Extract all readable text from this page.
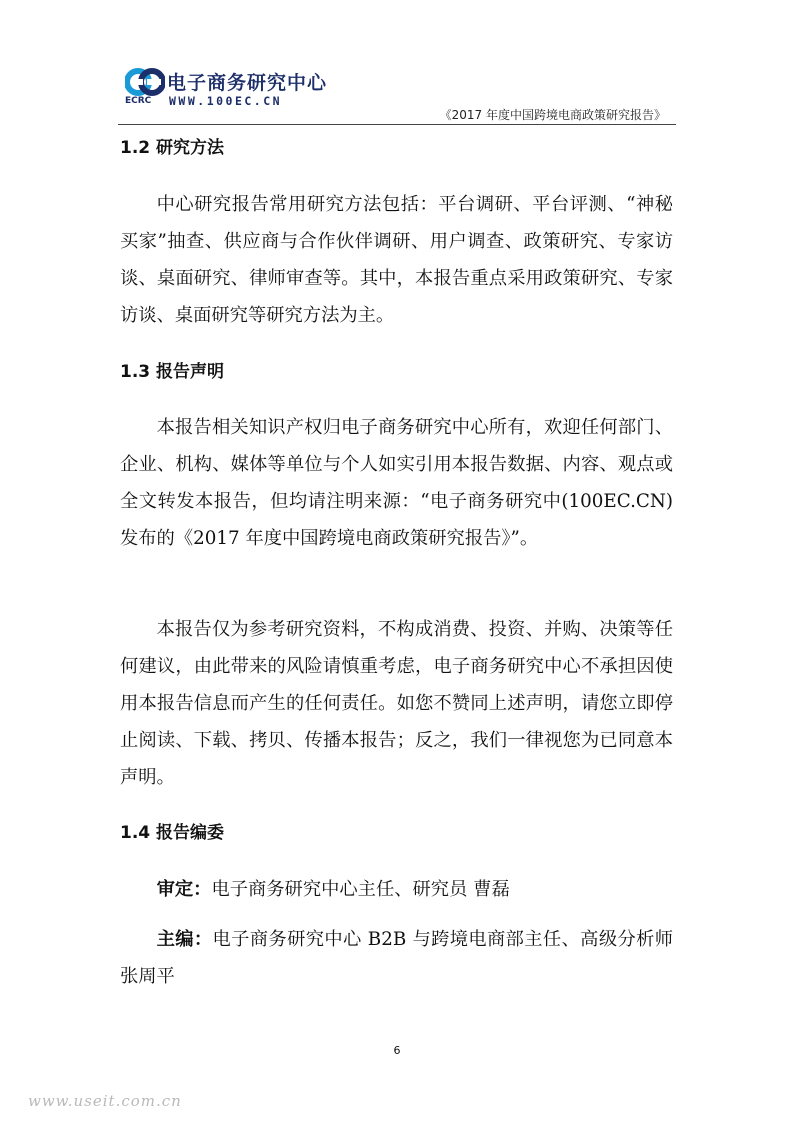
电子商务研究中心
ECRC WWW.100EC.CN
《2017 年度中国跨境电商政策研究报告》
1.2 研究方法

中心研究报告常用研究方法包括：平台调研、平台评测、“神秘买家”抽查、供应商与合作伙伴调研、用户调查、政策研究、专家访谈、桌面研究、律师审查等。其中，本报告重点采用政策研究、专家访谈、桌面研究等研究方法为主。

1.3 报告声明

本报告相关知识产权归电子商务研究中心所有，欢迎任何部门、企业、机构、媒体等单位与个人如实引用本报告数据、内容、观点或全文转发本报告，但均请注明来源：“电子商务研究中(100EC.CN)发布的《2017 年度中国跨境电商政策研究报告》”。

本报告仅为参考研究资料，不构成消费、投资、并购、决策等任何建议，由此带来的风险请慎重考虑，电子商务研究中心不承担因使用本报告信息而产生的任何责任。如您不赞同上述声明，请您立即停止阅读、下载、拷贝、传播本报告；反之，我们一律视您为已同意本声明。

1.4 报告编委

审定：电子商务研究中心主任、研究员 曹磊

主编：电子商务研究中心 B2B 与跨境电商部主任、高级分析师 张周平

6
www.useit.com.cn
